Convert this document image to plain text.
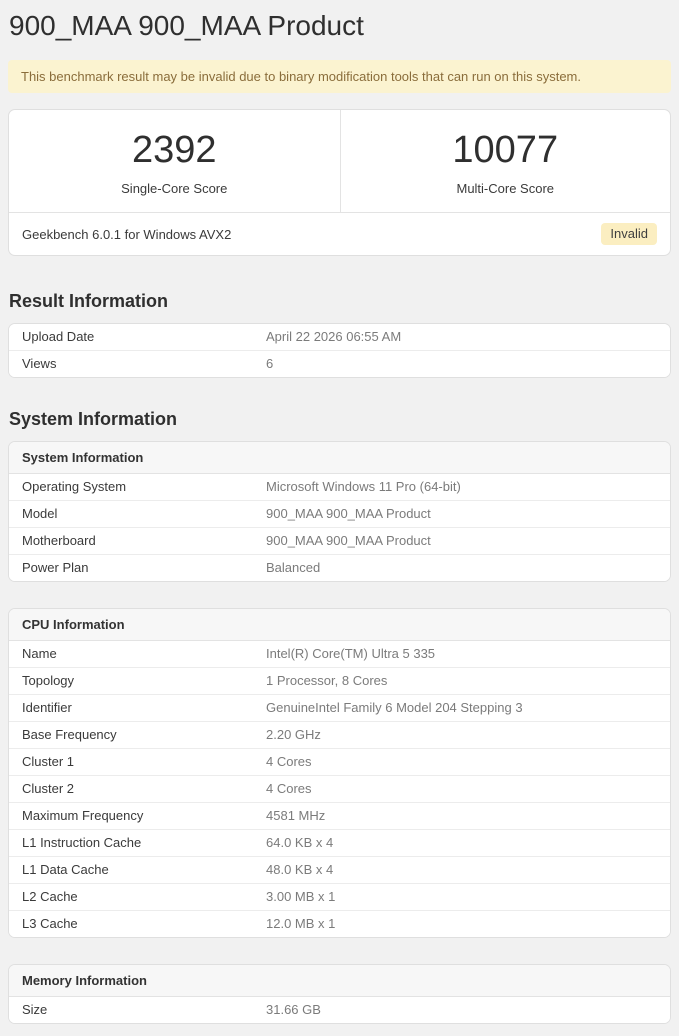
900_MAA 900_MAA Product
This benchmark result may be invalid due to binary modification tools that can run on this system.
2392
Single-Core Score
10077
Multi-Core Score
Geekbench 6.0.1 for Windows AVX2	Invalid
Result Information
Upload Date	April 22 2026 06:55 AM
Views	6
System Information
System Information
Operating System	Microsoft Windows 11 Pro (64-bit)
Model	900_MAA 900_MAA Product
Motherboard	900_MAA 900_MAA Product
Power Plan	Balanced
CPU Information
Name	Intel(R) Core(TM) Ultra 5 335
Topology	1 Processor, 8 Cores
Identifier	GenuineIntel Family 6 Model 204 Stepping 3
Base Frequency	2.20 GHz
Cluster 1	4 Cores
Cluster 2	4 Cores
Maximum Frequency	4581 MHz
L1 Instruction Cache	64.0 KB x 4
L1 Data Cache	48.0 KB x 4
L2 Cache	3.00 MB x 1
L3 Cache	12.0 MB x 1
Memory Information
Size	31.66 GB
